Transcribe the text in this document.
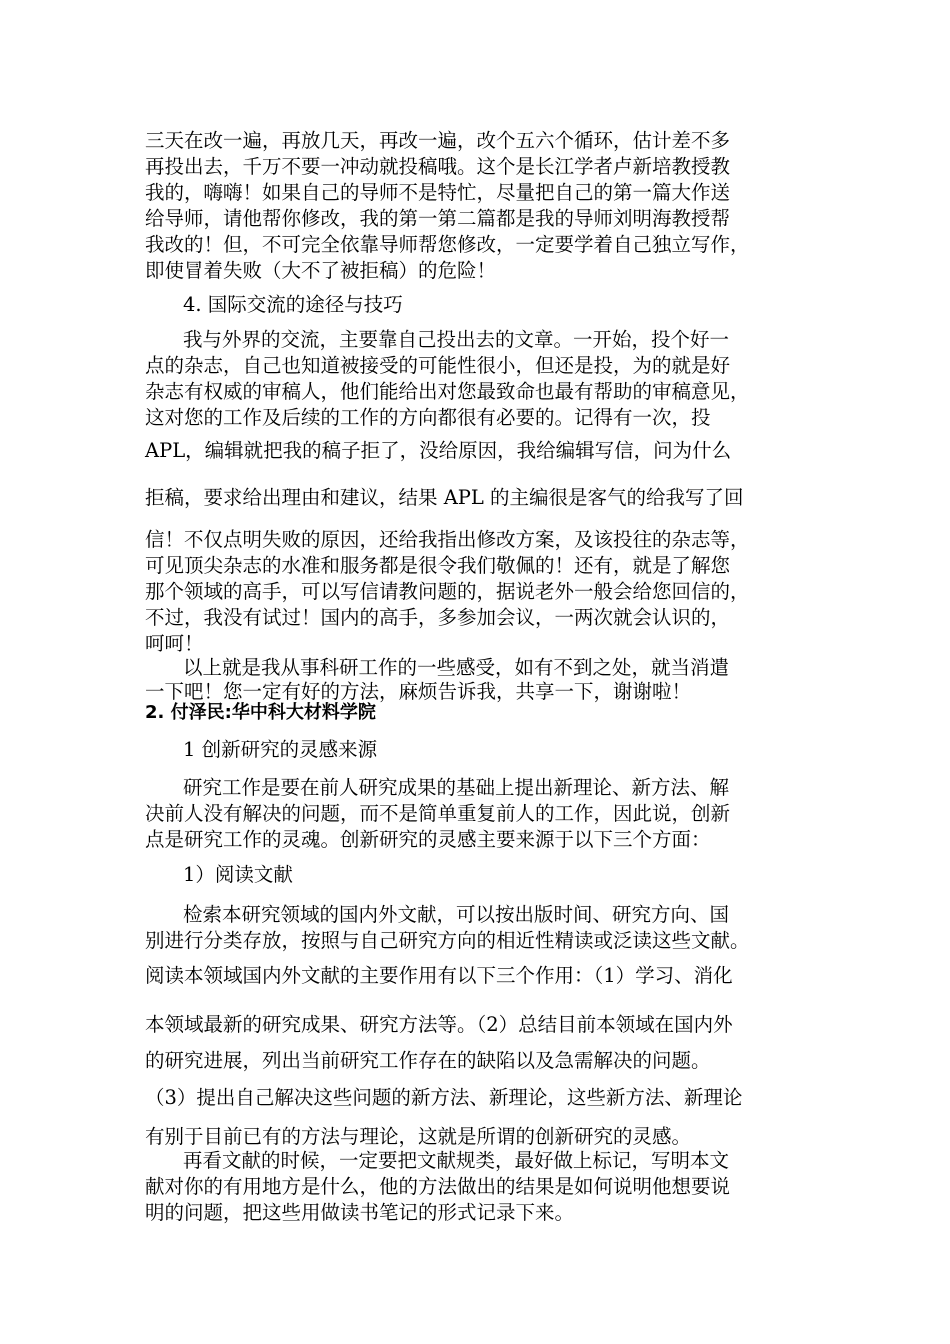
三天在改一遍，再放几天，再改一遍，改个五六个循环，估计差不多
再投出去，千万不要一冲动就投稿哦。这个是长江学者卢新培教授教
我的，嗨嗨！如果自己的导师不是特忙，尽量把自己的第一篇大作送
给导师，请他帮你修改，我的第一第二篇都是我的导师刘明海教授帮
我改的！但，不可完全依靠导师帮您修改，一定要学着自己独立写作，
即使冒着失败（大不了被拒稿）的危险！
4. 国际交流的途径与技巧
我与外界的交流，主要靠自己投出去的文章。一开始，投个好一
点的杂志，自己也知道被接受的可能性很小，但还是投，为的就是好
杂志有权威的审稿人，他们能给出对您最致命也最有帮助的审稿意见，
这对您的工作及后续的工作的方向都很有必要的。记得有一次，投
APL，编辑就把我的稿子拒了，没给原因，我给编辑写信，问为什么
拒稿，要求给出理由和建议，结果 APL 的主编很是客气的给我写了回
信！不仅点明失败的原因，还给我指出修改方案，及该投往的杂志等，
可见顶尖杂志的水准和服务都是很令我们敬佩的！还有，就是了解您
那个领域的高手，可以写信请教问题的，据说老外一般会给您回信的，
不过，我没有试过！国内的高手，多参加会议，一两次就会认识的，
呵呵！
以上就是我从事科研工作的一些感受，如有不到之处，就当消遣
一下吧！您一定有好的方法，麻烦告诉我，共享一下，谢谢啦！
2. 付泽民:华中科大材料学院
1 创新研究的灵感来源
研究工作是要在前人研究成果的基础上提出新理论、新方法、解
决前人没有解决的问题，而不是简单重复前人的工作，因此说，创新
点是研究工作的灵魂。创新研究的灵感主要来源于以下三个方面：
1）阅读文献
检索本研究领域的国内外文献，可以按出版时间、研究方向、国
别进行分类存放，按照与自己研究方向的相近性精读或泛读这些文献。
阅读本领域国内外文献的主要作用有以下三个作用：（1）学习、消化
本领域最新的研究成果、研究方法等。（2）总结目前本领域在国内外
的研究进展，列出当前研究工作存在的缺陷以及急需解决的问题。
（3）提出自己解决这些问题的新方法、新理论，这些新方法、新理论
有别于目前已有的方法与理论，这就是所谓的创新研究的灵感。
再看文献的时候，一定要把文献规类，最好做上标记，写明本文
献对你的有用地方是什么，他的方法做出的结果是如何说明他想要说
明的问题，把这些用做读书笔记的形式记录下来。
